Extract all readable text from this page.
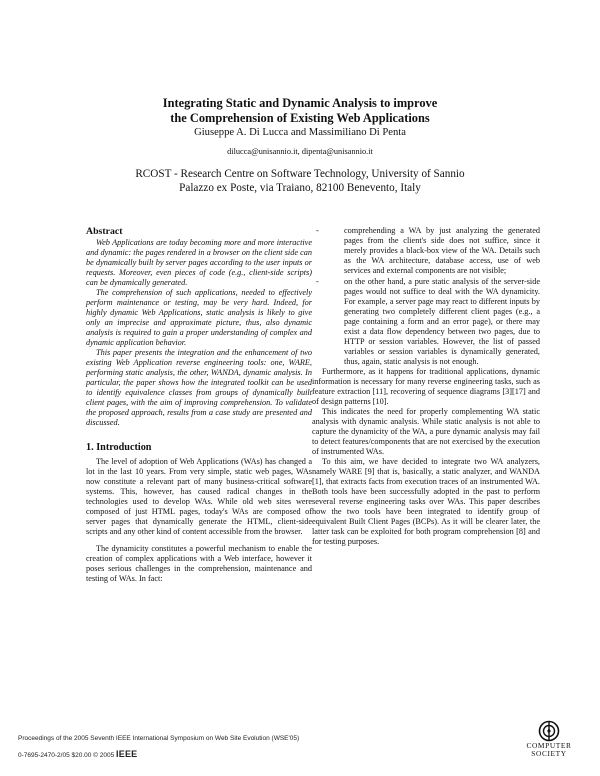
Integrating Static and Dynamic Analysis to improve

the Comprehension of Existing Web Applications

Giuseppe A. Di Lucca and Massimiliano Di Penta

dilucca@unisannio.it, dipenta@unisannio.it

RCOST - Research Centre on Software Technology, University of Sannio

Palazzo ex Poste, via Traiano, 82100 Benevento, Italy

Abstract

Web Applications are today becoming more and more interactive and dynamic: the pages rendered in a browser on the client side can be dynamically built by server pages according to the user inputs or requests. Moreover, even pieces of code (e.g., client-side scripts) can be dynamically generated.

The comprehension of such applications, needed to effectively perform maintenance or testing, may be very hard. Indeed, for highly dynamic Web Applications, static analysis is likely to give only an imprecise and approximate picture, thus, also dynamic analysis is required to gain a proper understanding of complex and dynamic application behavior.

This paper presents the integration and the enhancement of two existing Web Application reverse engineering tools: one, WARE, performing static analysis, the other, WANDA, dynamic analysis. In particular, the paper shows how the integrated toolkit can be used to identify equivalence classes from groups of dynamically built client pages, with the aim of improving comprehension. To validate the proposed approach, results from a case study are presented and discussed.

1. Introduction

The level of adoption of Web Applications (WAs) has changed a lot in the last 10 years. From very simple, static web pages, WAs now constitute a relevant part of many business-critical software systems. This, however, has caused radical changes in the technologies used to develop WAs. While old web sites were composed of just HTML pages, today's WAs are composed of server pages that dynamically generate the HTML, client-side scripts and any other kind of content accessible from the browser.

The dynamicity constitutes a powerful mechanism to enable the creation of complex applications with a Web interface, however it poses serious challenges in the comprehension, maintenance and testing of WAs. In fact:

-	comprehending a WA by just analyzing the generated pages from the client's side does not suffice, since it merely provides a black-box view of the WA. Details such as the WA architecture, database access, use of web services and external components are not visible;
-	on the other hand, a pure static analysis of the server-side pages would not suffice to deal with the WA dynamicity. For example, a server page may react to different inputs by generating two completely different client pages (e.g., a page containing a form and an error page), or there may exist a data flow dependency between two pages, due to HTTP or session variables. However, the list of passed variables or session variables is dynamically generated, thus, again, static analysis is not enough.

Furthermore, as it happens for traditional applications, dynamic information is necessary for many reverse engineering tasks, such as feature extraction [11], recovering of sequence diagrams [3][17] and of design patterns [10].

This indicates the need for properly complementing WA static analysis with dynamic analysis. While static analysis is not able to capture the dynamicity of the WA, a pure dynamic analysis may fail to detect features/components that are not exercised by the execution of instrumented WAs.

To this aim, we have decided to integrate two WA analyzers, namely WARE [9] that is, basically, a static analyzer, and WANDA [1], that extracts facts from execution traces of an instrumented WA. Both tools have been successfully adopted in the past to perform several reverse engineering tasks over WAs. This paper describes how the two tools have been integrated to identify group of equivalent Built Client Pages (BCPs). As it will be clearer later, the latter task can be exploited for both program comprehension [8] and for testing purposes.

Proceedings of the 2005 Seventh IEEE International Symposium on Web Site Evolution (WSE'05)
0-7695-2470-2/05 $20.00 © 2005 IEEE
COMPUTER
SOCIETY
